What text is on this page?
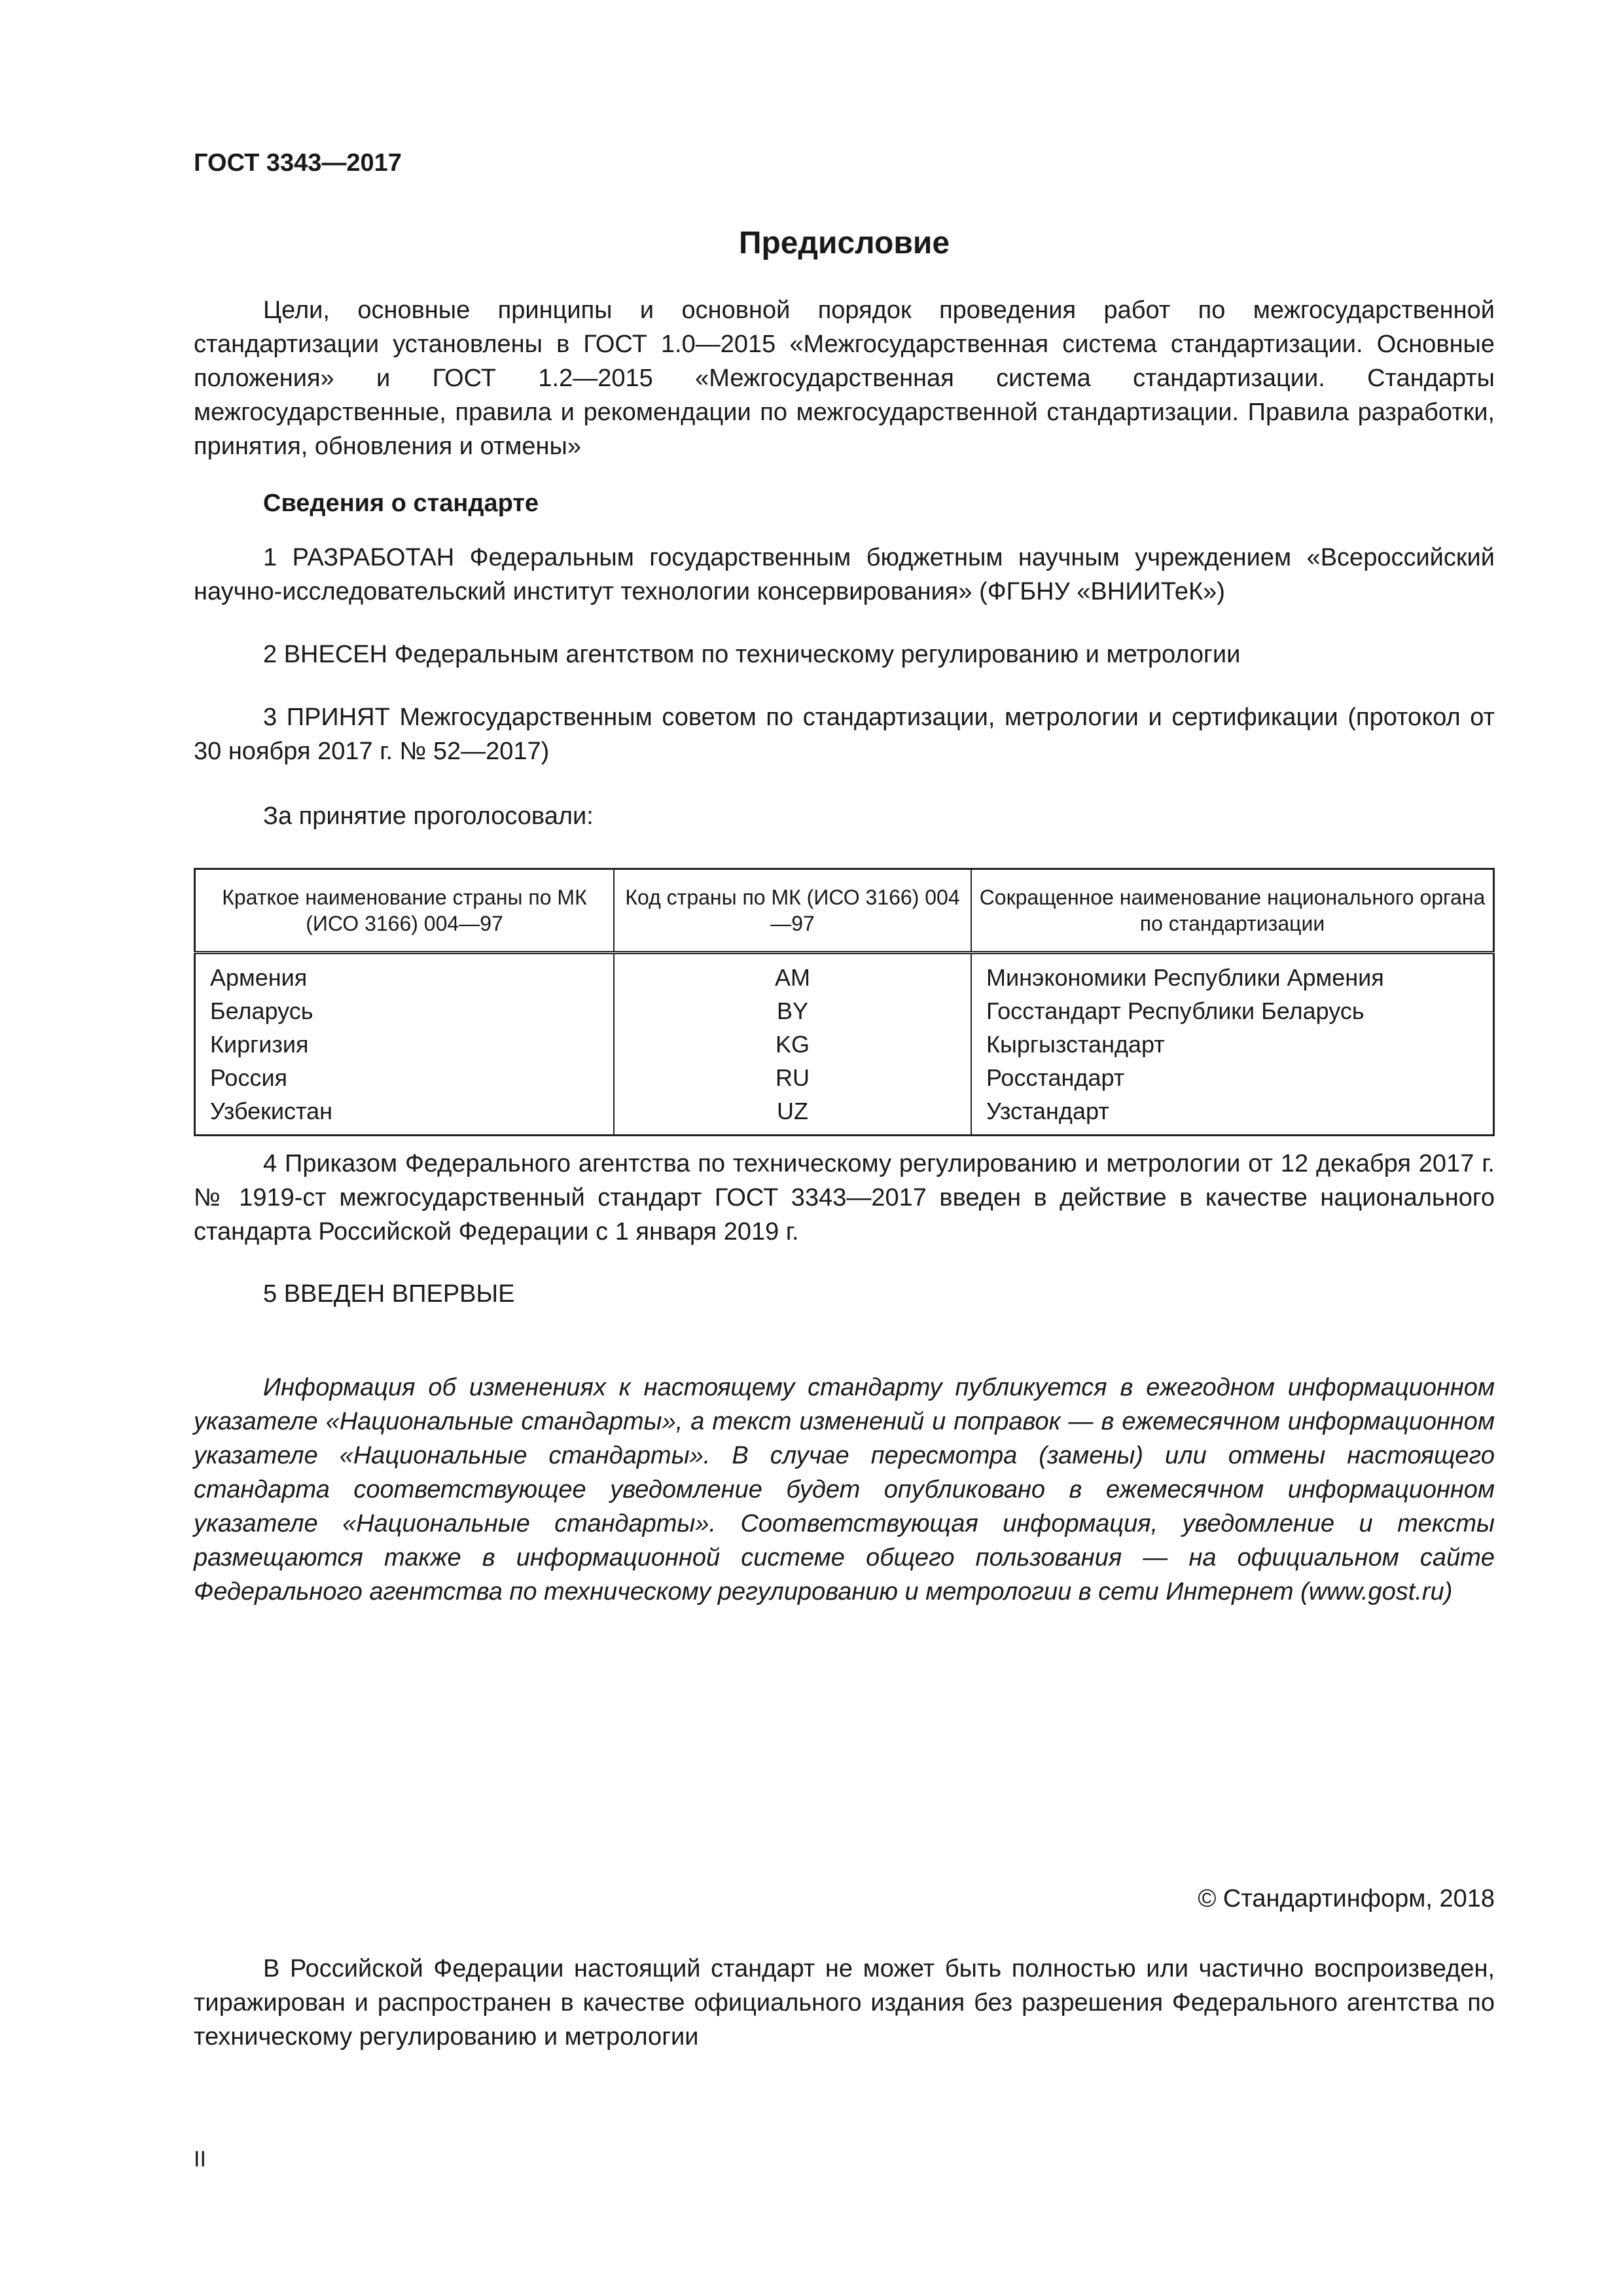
ГОСТ 3343—2017
Предисловие

Цели, основные принципы и основной порядок проведения работ по межгосударственной стандартизации установлены в ГОСТ 1.0—2015 «Межгосударственная система стандартизации. Основные положения» и ГОСТ 1.2—2015 «Межгосударственная система стандартизации. Стандарты межгосударственные, правила и рекомендации по межгосударственной стандартизации. Правила разработки, принятия, обновления и отмены»

Сведения о стандарте

1 РАЗРАБОТАН Федеральным государственным бюджетным научным учреждением «Всероссийский научно-исследовательский институт технологии консервирования» (ФГБНУ «ВНИИТеК»)

2 ВНЕСЕН Федеральным агентством по техническому регулированию и метрологии

3 ПРИНЯТ Межгосударственным советом по стандартизации, метрологии и сертификации (протокол от 30 ноября 2017 г. № 52—2017)

За принятие проголосовали:
Краткое наименование страны по МК (ИСО 3166) 004—97	Код страны по МК (ИСО 3166) 004—97	Сокращенное наименование национального органа по стандартизации
Армения	AM	Минэкономики Республики Армения
Беларусь	BY	Госстандарт Республики Беларусь
Киргизия	KG	Кыргызстандарт
Россия	RU	Росстандарт
Узбекистан	UZ	Узстандарт

4 Приказом Федерального агентства по техническому регулированию и метрологии от 12 декабря 2017 г. № 1919-ст межгосударственный стандарт ГОСТ 3343—2017 введен в действие в качестве национального стандарта Российской Федерации с 1 января 2019 г.

5 ВВЕДЕН ВПЕРВЫЕ

Информация об изменениях к настоящему стандарту публикуется в ежегодном информационном указателе «Национальные стандарты», а текст изменений и поправок — в ежемесячном информационном указателе «Национальные стандарты». В случае пересмотра (замены) или отмены настоящего стандарта соответствующее уведомление будет опубликовано в ежемесячном информационном указателе «Национальные стандарты». Соответствующая информация, уведомление и тексты размещаются также в информационной системе общего пользования — на официальном сайте Федерального агентства по техническому регулированию и метрологии в сети Интернет (www.gost.ru)

© Стандартинформ, 2018

В Российской Федерации настоящий стандарт не может быть полностью или частично воспроизведен, тиражирован и распространен в качестве официального издания без разрешения Федерального агентства по техническому регулированию и метрологии

II
